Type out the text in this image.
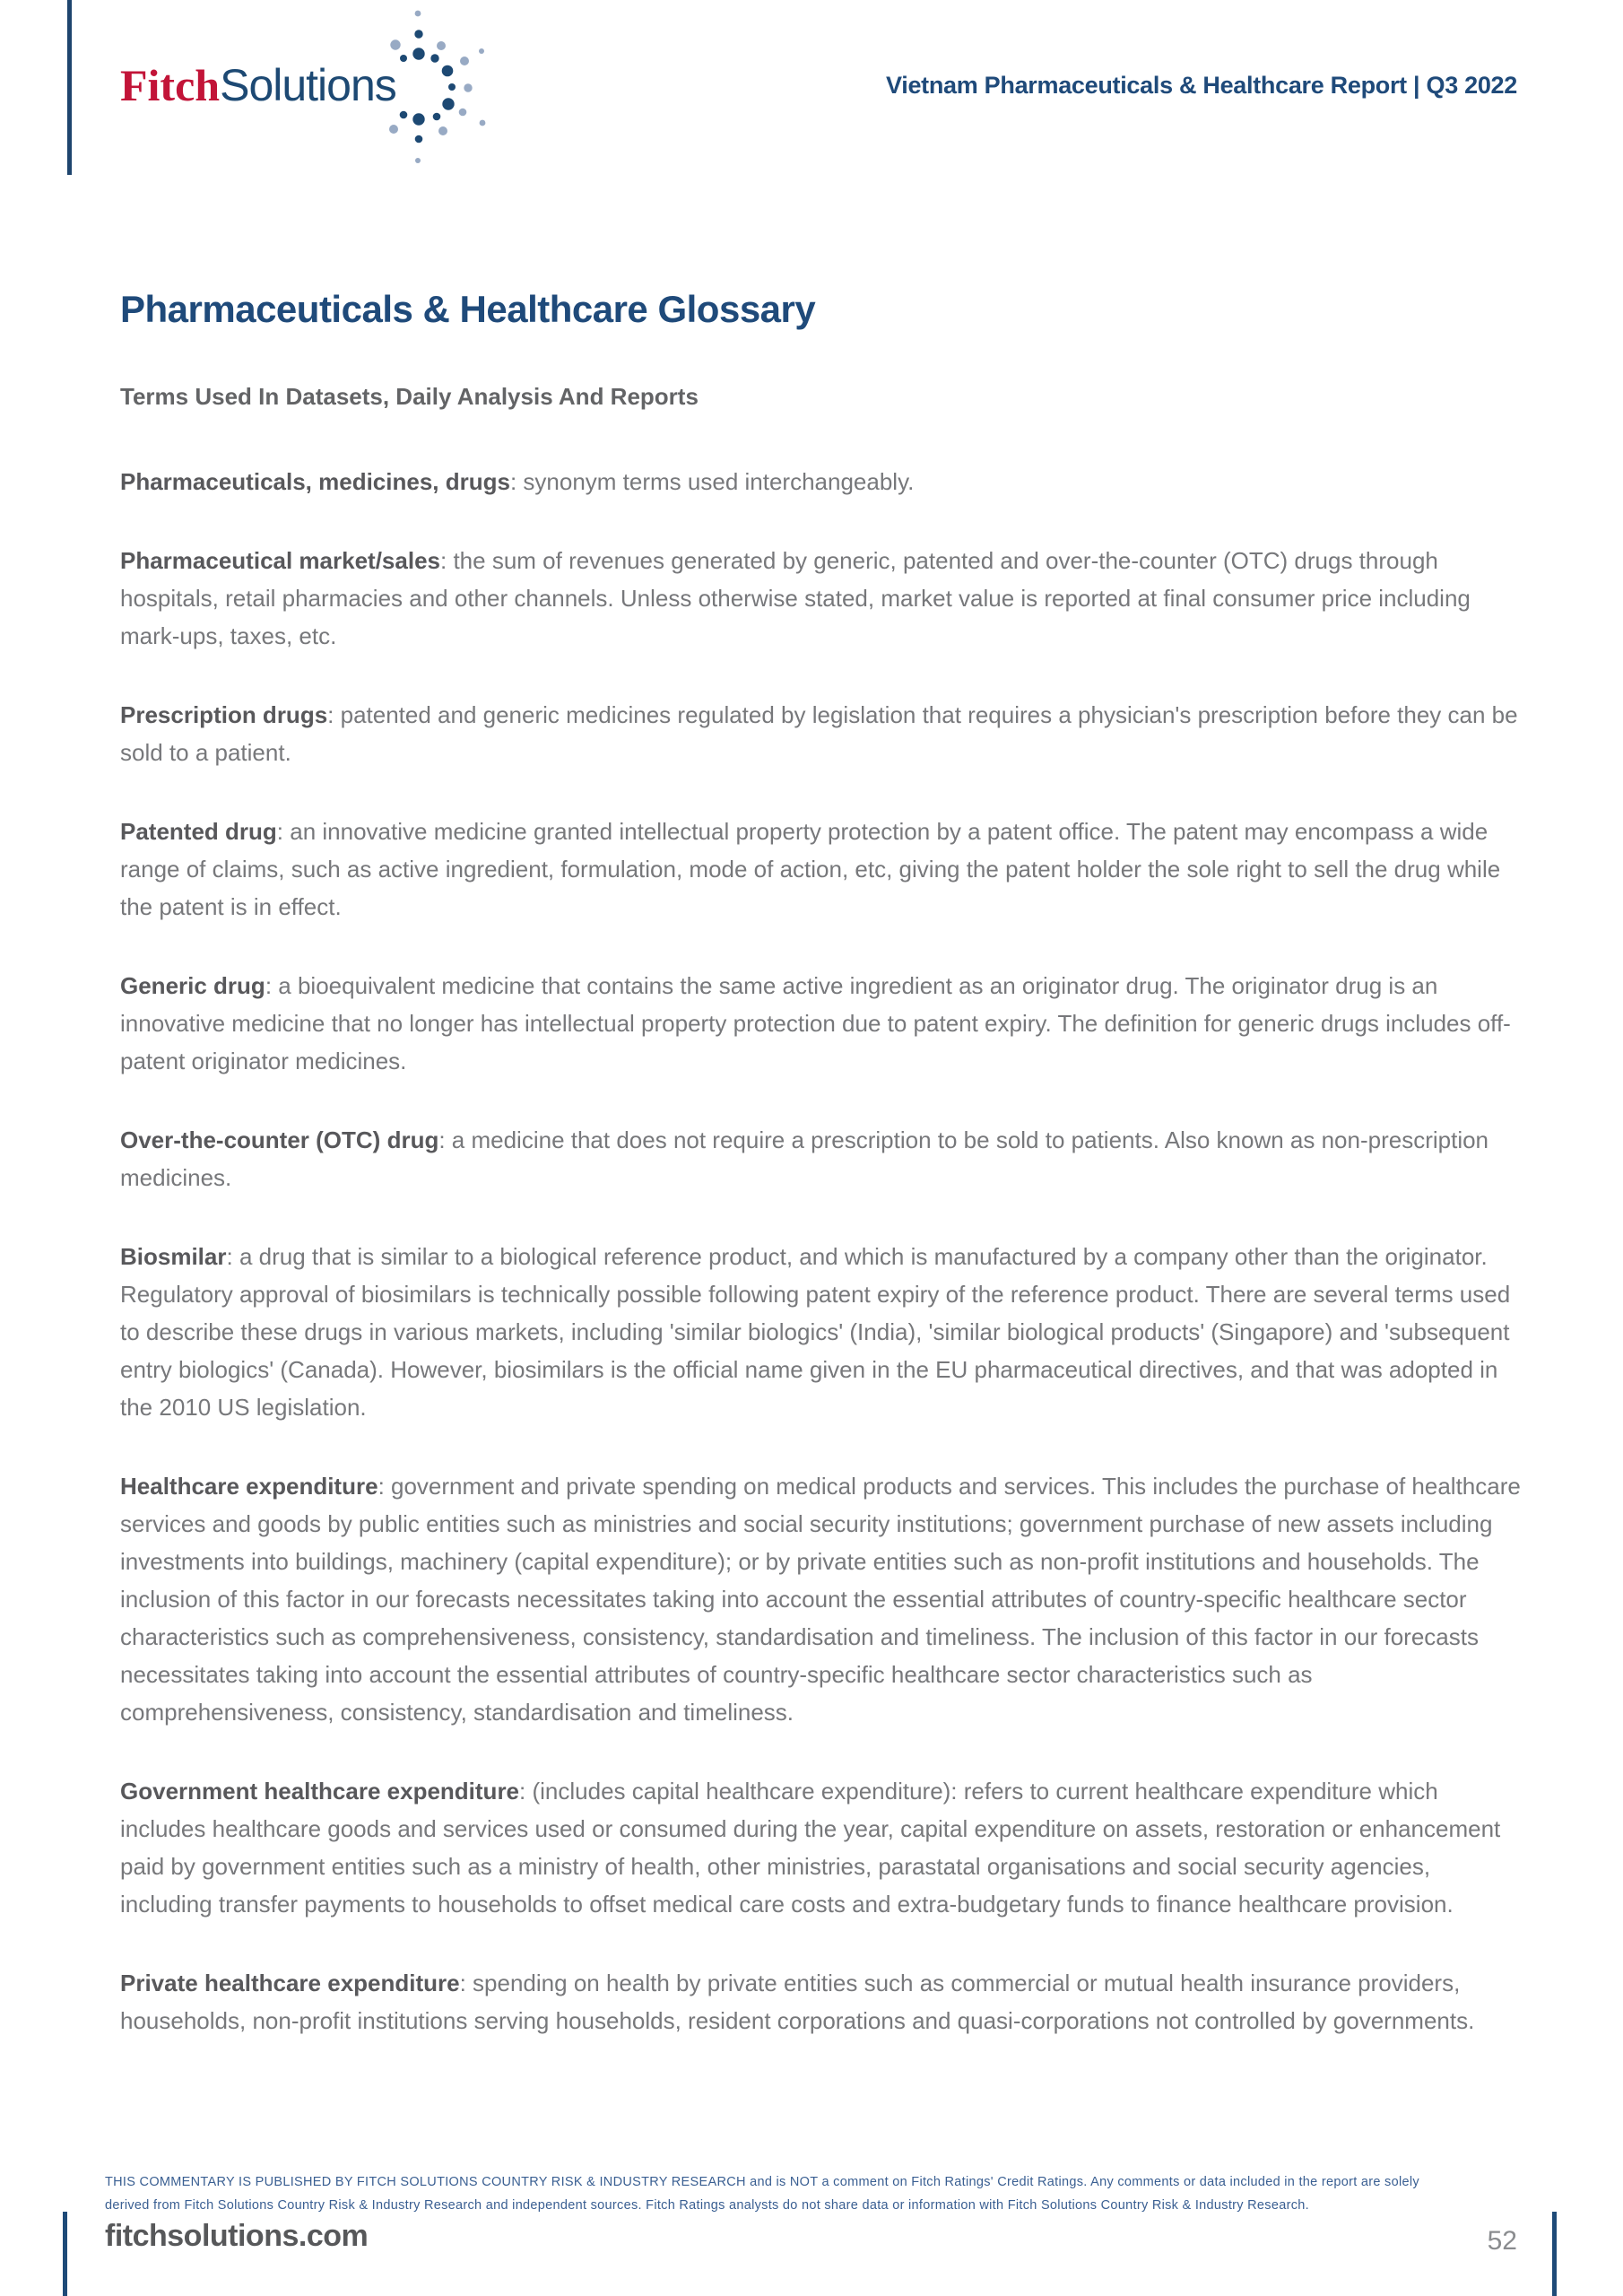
FitchSolutions	Vietnam Pharmaceuticals & Healthcare Report | Q3 2022
Pharmaceuticals & Healthcare Glossary
Terms Used In Datasets, Daily Analysis And Reports

Pharmaceuticals, medicines, drugs: synonym terms used interchangeably.

Pharmaceutical market/sales: the sum of revenues generated by generic, patented and over-the-counter (OTC) drugs through hospitals, retail pharmacies and other channels. Unless otherwise stated, market value is reported at final consumer price including mark-ups, taxes, etc.

Prescription drugs: patented and generic medicines regulated by legislation that requires a physician's prescription before they can be sold to a patient.

Patented drug: an innovative medicine granted intellectual property protection by a patent office. The patent may encompass a wide range of claims, such as active ingredient, formulation, mode of action, etc, giving the patent holder the sole right to sell the drug while the patent is in effect.

Generic drug: a bioequivalent medicine that contains the same active ingredient as an originator drug. The originator drug is an innovative medicine that no longer has intellectual property protection due to patent expiry. The definition for generic drugs includes off-patent originator medicines.

Over-the-counter (OTC) drug: a medicine that does not require a prescription to be sold to patients. Also known as non-prescription medicines.

Biosmilar: a drug that is similar to a biological reference product, and which is manufactured by a company other than the originator. Regulatory approval of biosimilars is technically possible following patent expiry of the reference product. There are several terms used to describe these drugs in various markets, including 'similar biologics' (India), 'similar biological products' (Singapore) and 'subsequent entry biologics' (Canada). However, biosimilars is the official name given in the EU pharmaceutical directives, and that was adopted in the 2010 US legislation.

Healthcare expenditure: government and private spending on medical products and services. This includes the purchase of healthcare services and goods by public entities such as ministries and social security institutions; government purchase of new assets including investments into buildings, machinery (capital expenditure); or by private entities such as non-profit institutions and households. The inclusion of this factor in our forecasts necessitates taking into account the essential attributes of country-specific healthcare sector characteristics such as comprehensiveness, consistency, standardisation and timeliness. The inclusion of this factor in our forecasts necessitates taking into account the essential attributes of country-specific healthcare sector characteristics such as comprehensiveness, consistency, standardisation and timeliness.

Government healthcare expenditure: (includes capital healthcare expenditure): refers to current healthcare expenditure which includes healthcare goods and services used or consumed during the year, capital expenditure on assets, restoration or enhancement paid by government entities such as a ministry of health, other ministries, parastatal organisations and social security agencies, including transfer payments to households to offset medical care costs and extra-budgetary funds to finance healthcare provision.

Private healthcare expenditure: spending on health by private entities such as commercial or mutual health insurance providers, households, non-profit institutions serving households, resident corporations and quasi-corporations not controlled by governments.

THIS COMMENTARY IS PUBLISHED BY FITCH SOLUTIONS COUNTRY RISK & INDUSTRY RESEARCH and is NOT a comment on Fitch Ratings' Credit Ratings. Any comments or data included in the report are solely
derived from Fitch Solutions Country Risk & Industry Research and independent sources. Fitch Ratings analysts do not share data or information with Fitch Solutions Country Risk & Industry Research.
fitchsolutions.com	52
